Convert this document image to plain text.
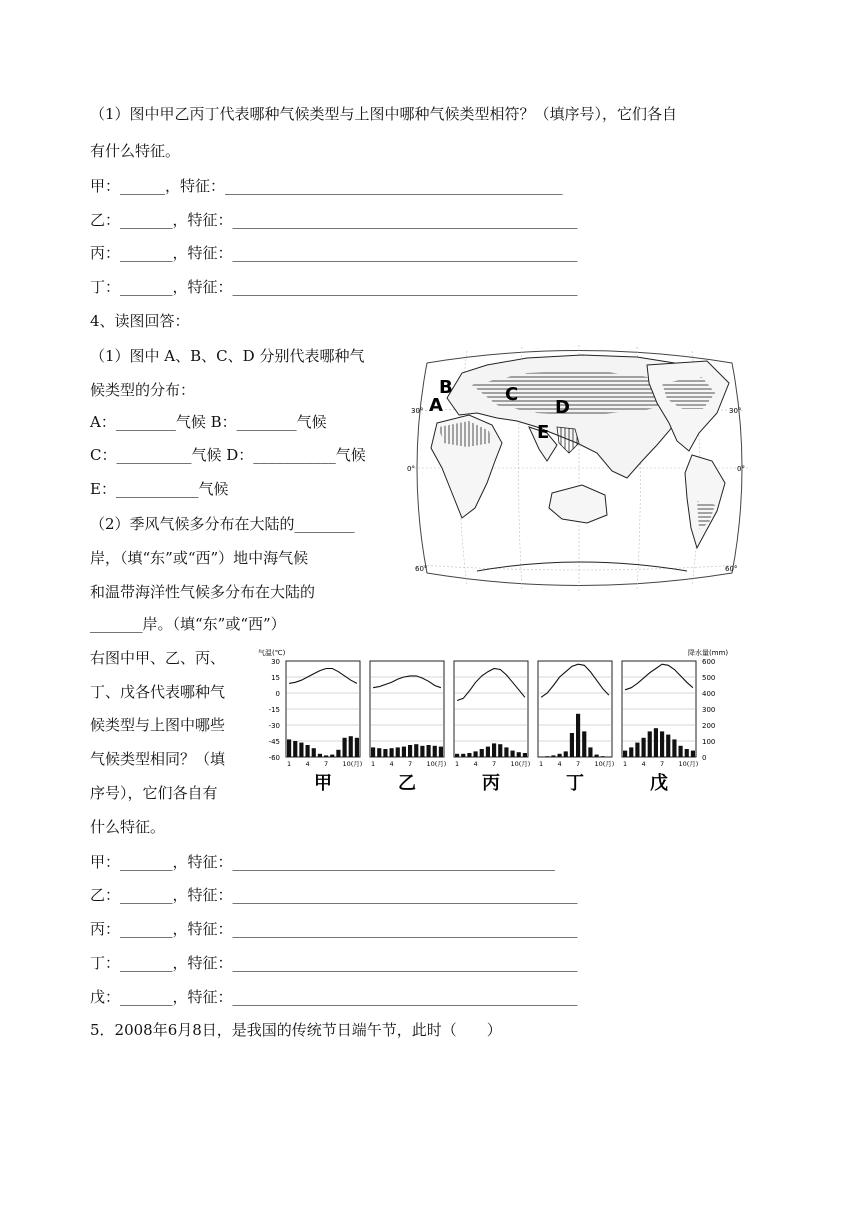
（1）图中甲乙丙丁代表哪种气候类型与上图中哪种气候类型相符？（填序号），它们各自
有什么特征。
甲：______，特征：_____________________________________________
乙：_______，特征：______________________________________________
丙：_______，特征：______________________________________________
丁：_______，特征：______________________________________________
4、读图回答：
（1）图中 A、B、C、D 分别代表哪种气
候类型的分布：
A：________气候 B：________气候
C：__________气候 D：___________气候
E：___________气候
（2）季风气候多分布在大陆的________
岸，（填“东”或“西”）地中海气候
和温带海洋性气候多分布在大陆的
_______岸。（填“东”或“西”）
右图中甲、乙、丙、
丁、戊各代表哪种气
候类型与上图中哪些
气候类型相同？（填
序号），它们各自有
什么特征。
甲：_______，特征：___________________________________________
乙：_______，特征：______________________________________________
丙：_______，特征：______________________________________________
丁：_______，特征：______________________________________________
戊：_______，特征：______________________________________________
5．2008年6月8日，是我国的传统节日端午节，此时（　　）
A
B	C
D
E
30°
0°
60°
30°
0°
60°
气温(℃)	降水量(mm)
30
15
0
-15
-30
-45
-60
600
500
400
300
200
100
0
1 4 7 10(月)
甲
1 4 7 10(月)
乙
1 4 7 10(月)
丙
1 4 7 10(月)
丁
1 4 7 10(月)
戊
